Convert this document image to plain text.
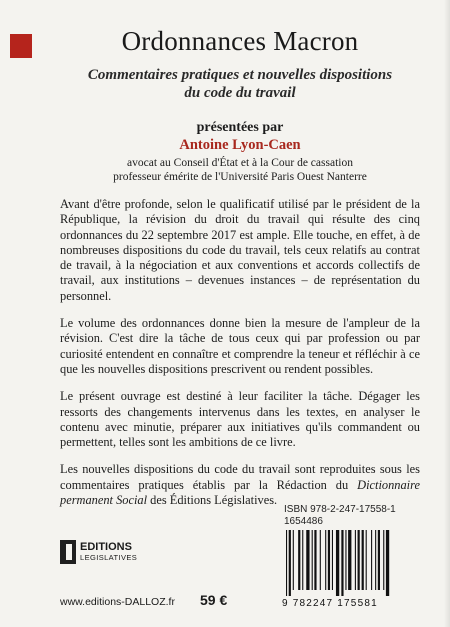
Ordonnances Macron
Commentaires pratiques et nouvelles dispositions
du code du travail
présentées par
Antoine Lyon-Caen
avocat au Conseil d'État et à la Cour de cassation
professeur émérite de l'Université Paris Ouest Nanterre

Avant d'être profonde, selon le qualificatif utilisé par le président de la République, la révision du droit du travail qui résulte des cinq ordonnances du 22 septembre 2017 est ample. Elle touche, en effet, à de nombreuses dispositions du code du travail, tels ceux relatifs au contrat de travail, à la négociation et aux conventions et accords collectifs de travail, aux institutions – devenues instances – de représentation du personnel.

Le volume des ordonnances donne bien la mesure de l'ampleur de la révision. C'est dire la tâche de tous ceux qui par profession ou par curiosité entendent en connaître et comprendre la teneur et réfléchir à ce que les nouvelles dispositions prescrivent ou rendent possibles.

Le présent ouvrage est destiné à leur faciliter la tâche. Dégager les ressorts des changements intervenus dans les textes, en analyser le contenu avec minutie, préparer aux initiatives qu'ils commandent ou permettent, telles sont les ambitions de ce livre.

Les nouvelles dispositions du code du travail sont reproduites sous les commentaires pratiques établis par la Rédaction du Dictionnaire permanent Social des Éditions Législatives.

ISBN 978-2-247-17558-1
1654486
9 782247 175581
EDITIONS
LEGISLATIVES
www.editions-DALLOZ.fr 59 €
